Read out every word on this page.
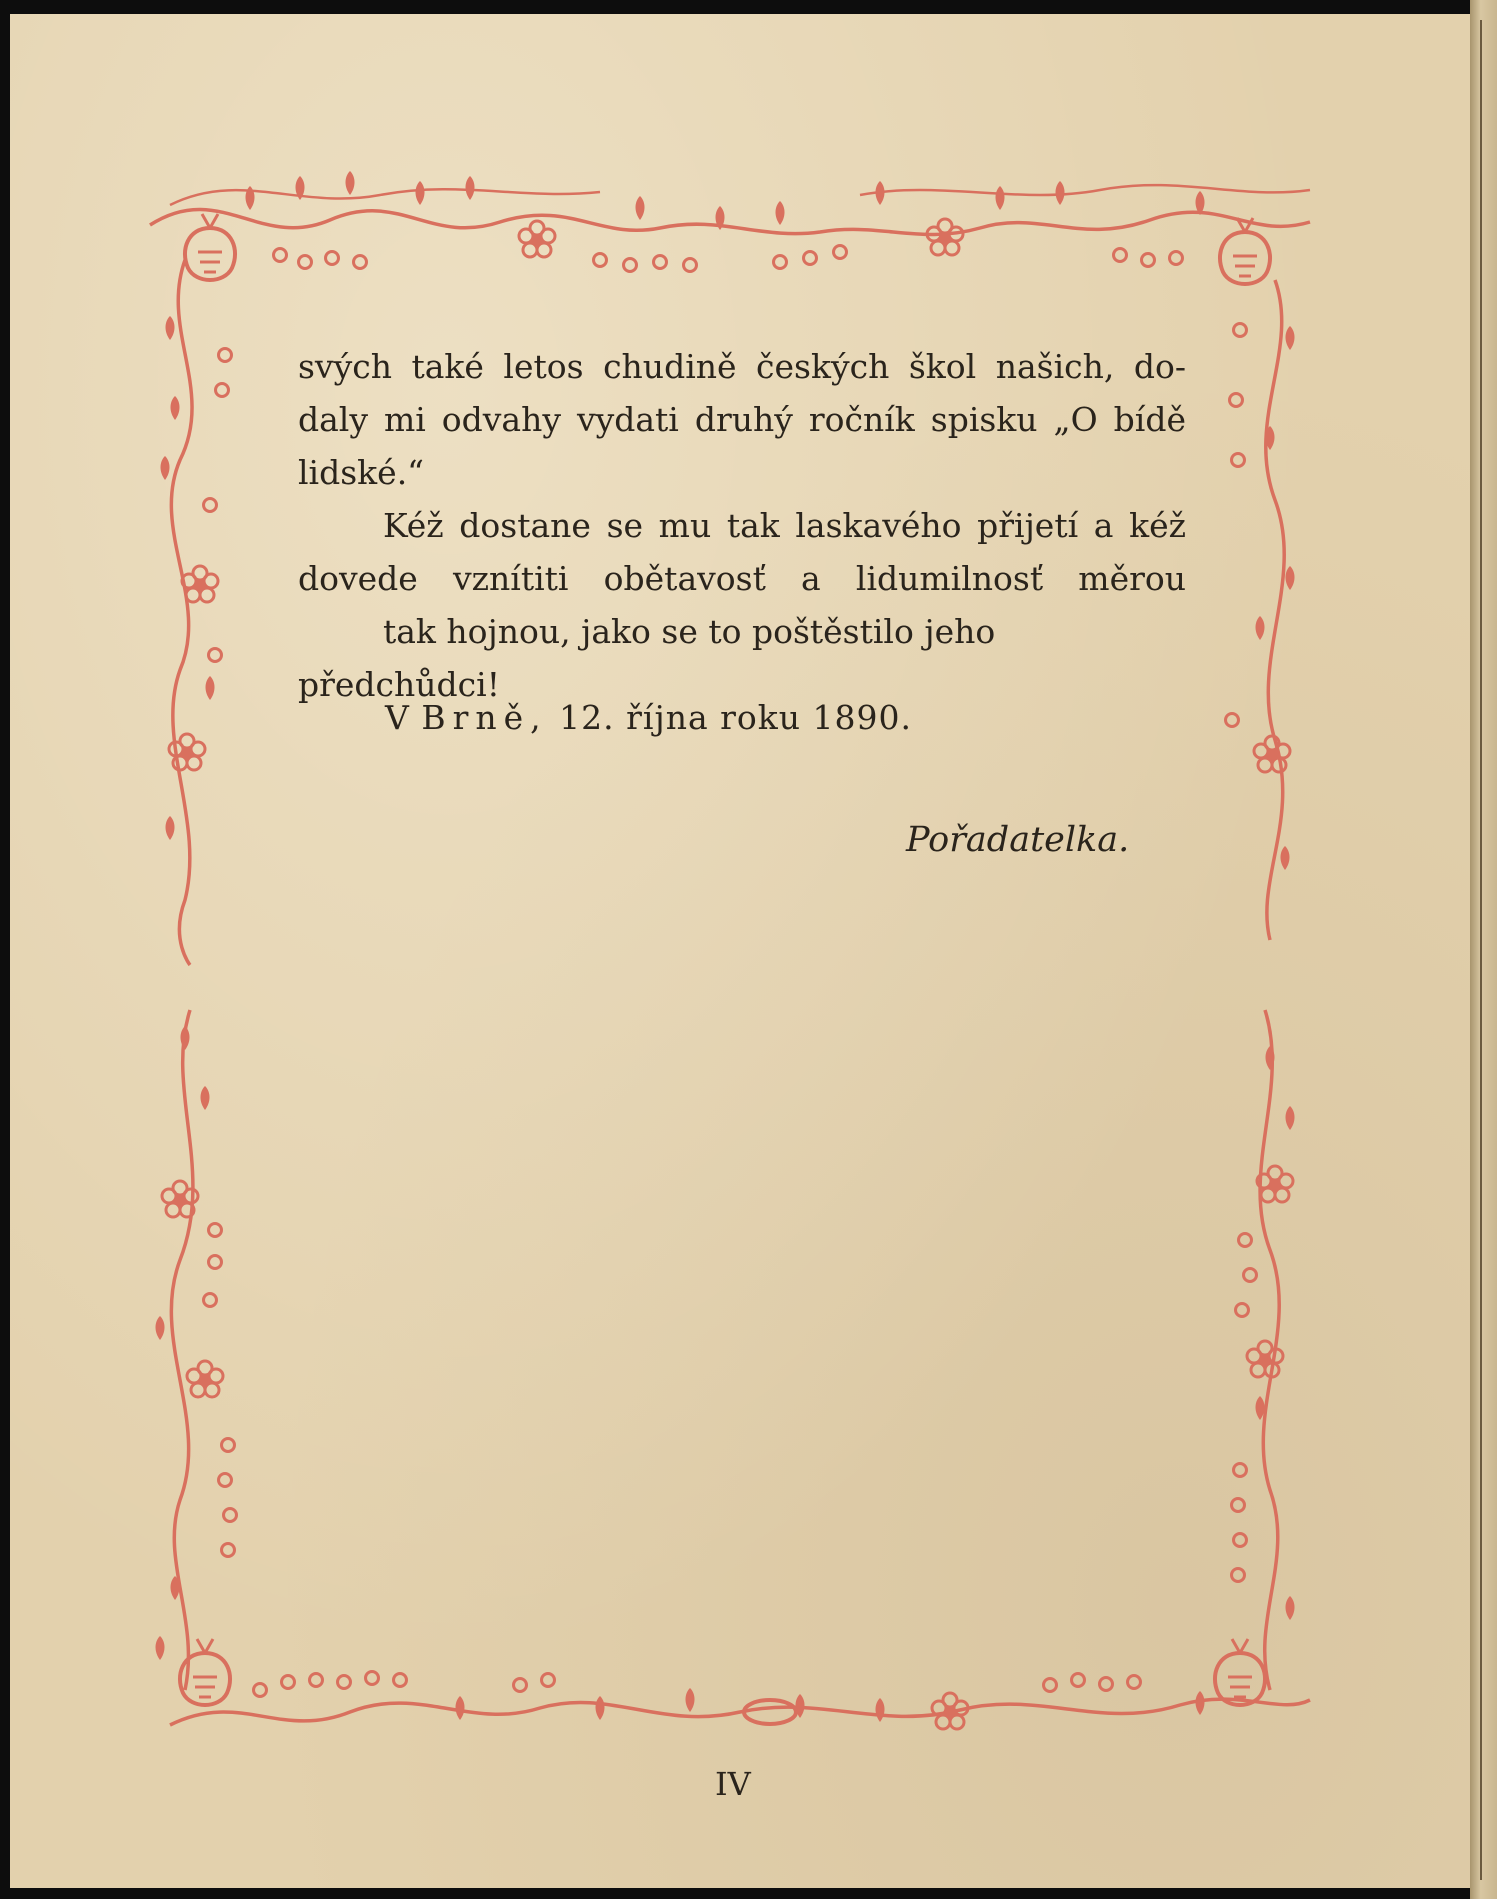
svých také letos chudině českých škol našich, do- daly mi odvahy vydati druhý ročník spisku „O bídě
lidské.“

Kéž dostane se mu tak laskavého přijetí a kéž dovede vznítiti obětavosť a lidumilnosť měrou
tak hojnou, jako se to poštěstilo jeho předchůdci!

V Brně, 12. října roku 1890.
Pořadatelka.
IV
